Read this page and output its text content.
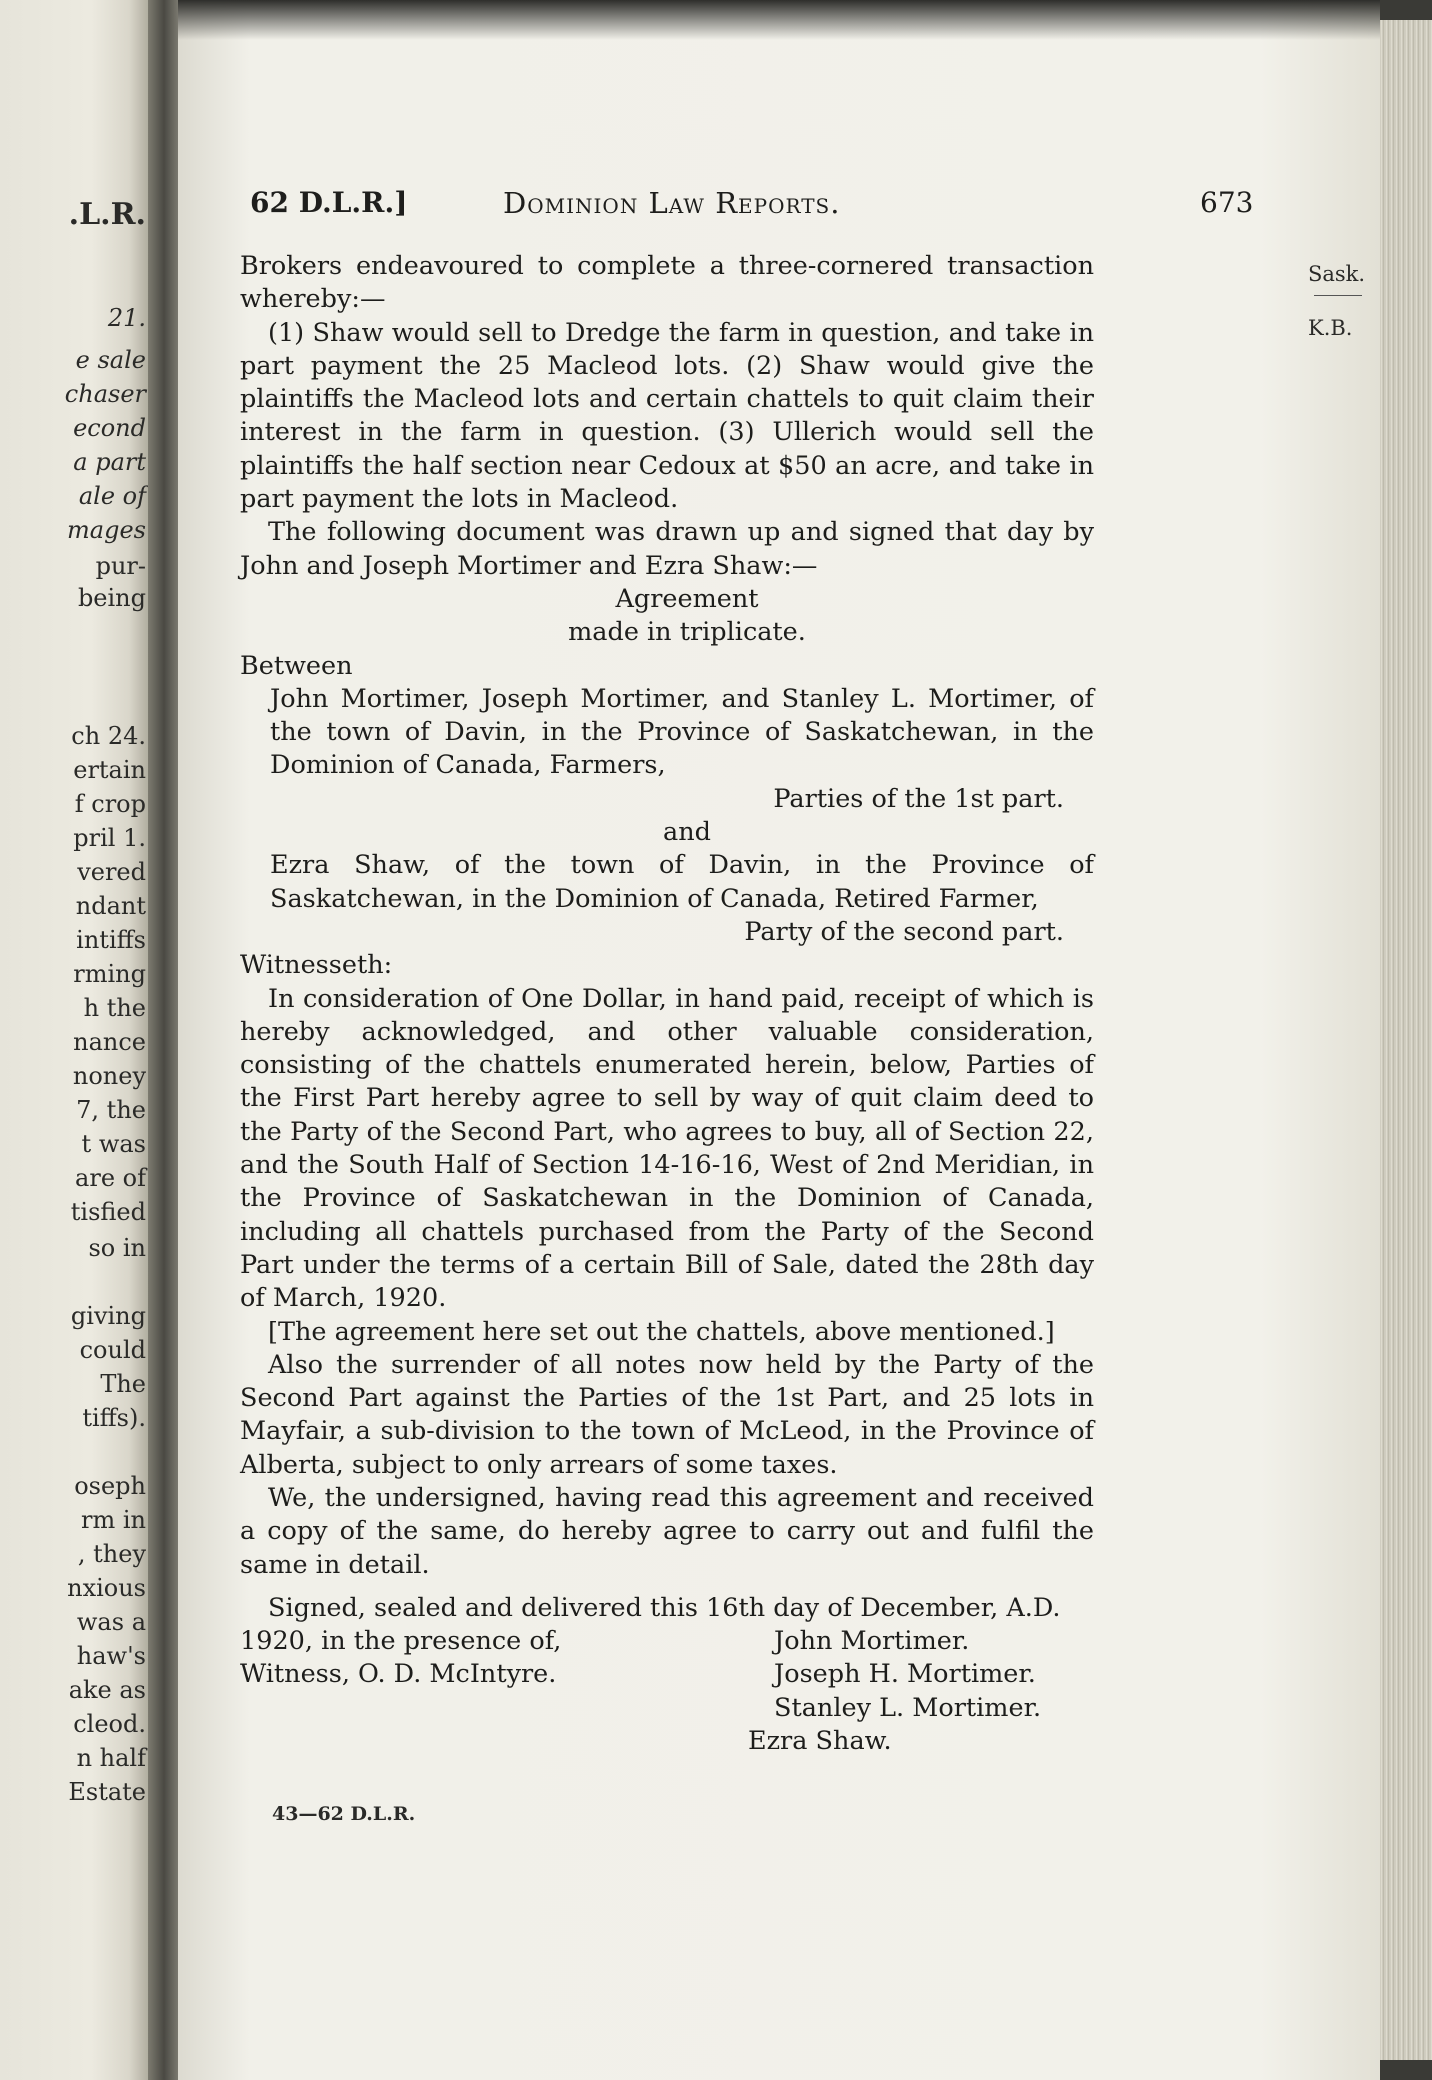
.L.R.
21.
e sale
chaser
econd
a part
ale of
mages
pur-
being
ch 24.
ertain
f crop
pril 1.
vered
ndant
intiffs
rming
h the
nance
noney
7, the
t was
are of
tisfied
so in
giving
could
The
tiffs).
oseph
rm in
, they
nxious
was a
haw's
ake as
cleod.
n half
Estate
62 D.L.R.]	Dominion Law Reports.	673
Sask.
K.B.

Brokers endeavoured to complete a three-cornered transaction whereby:—

(1) Shaw would sell to Dredge the farm in question, and take in part payment the 25 Macleod lots. (2) Shaw would give the plaintiffs the Macleod lots and certain chattels to quit claim their interest in the farm in question. (3) Ullerich would sell the plaintiffs the half section near Cedoux at $50 an acre, and take in part payment the lots in Macleod.

The following document was drawn up and signed that day by John and Joseph Mortimer and Ezra Shaw:—

Agreement

made in triplicate.

Between

John Mortimer, Joseph Mortimer, and Stanley L. Mortimer, of the town of Davin, in the Province of Saskatchewan, in the Dominion of Canada, Farmers,

Parties of the 1st part.

and

Ezra Shaw, of the town of Davin, in the Province of Saskatchewan, in the Dominion of Canada, Retired Farmer,

Party of the second part.

Witnesseth:

In consideration of One Dollar, in hand paid, receipt of which is hereby acknowledged, and other valuable consideration, consisting of the chattels enumerated herein, below, Parties of the First Part hereby agree to sell by way of quit claim deed to the Party of the Second Part, who agrees to buy, all of Section 22, and the South Half of Section 14-16-16, West of 2nd Meridian, in the Province of Saskatchewan in the Dominion of Canada, including all chattels purchased from the Party of the Second Part under the terms of a certain Bill of Sale, dated the 28th day of March, 1920.

[The agreement here set out the chattels, above mentioned.]

Also the surrender of all notes now held by the Party of the Second Part against the Parties of the 1st Part, and 25 lots in Mayfair, a sub-division to the town of McLeod, in the Province of Alberta, subject to only arrears of some taxes.

We, the undersigned, having read this agreement and received a copy of the same, do hereby agree to carry out and fulfil the same in detail.

Signed, sealed and delivered this 16th day of December, A.D.

1920, in the presence of,

Witness, O. D. McIntyre.

John Mortimer.

Joseph H. Mortimer.

Stanley L. Mortimer.

Ezra Shaw.

43—62 D.L.R.
